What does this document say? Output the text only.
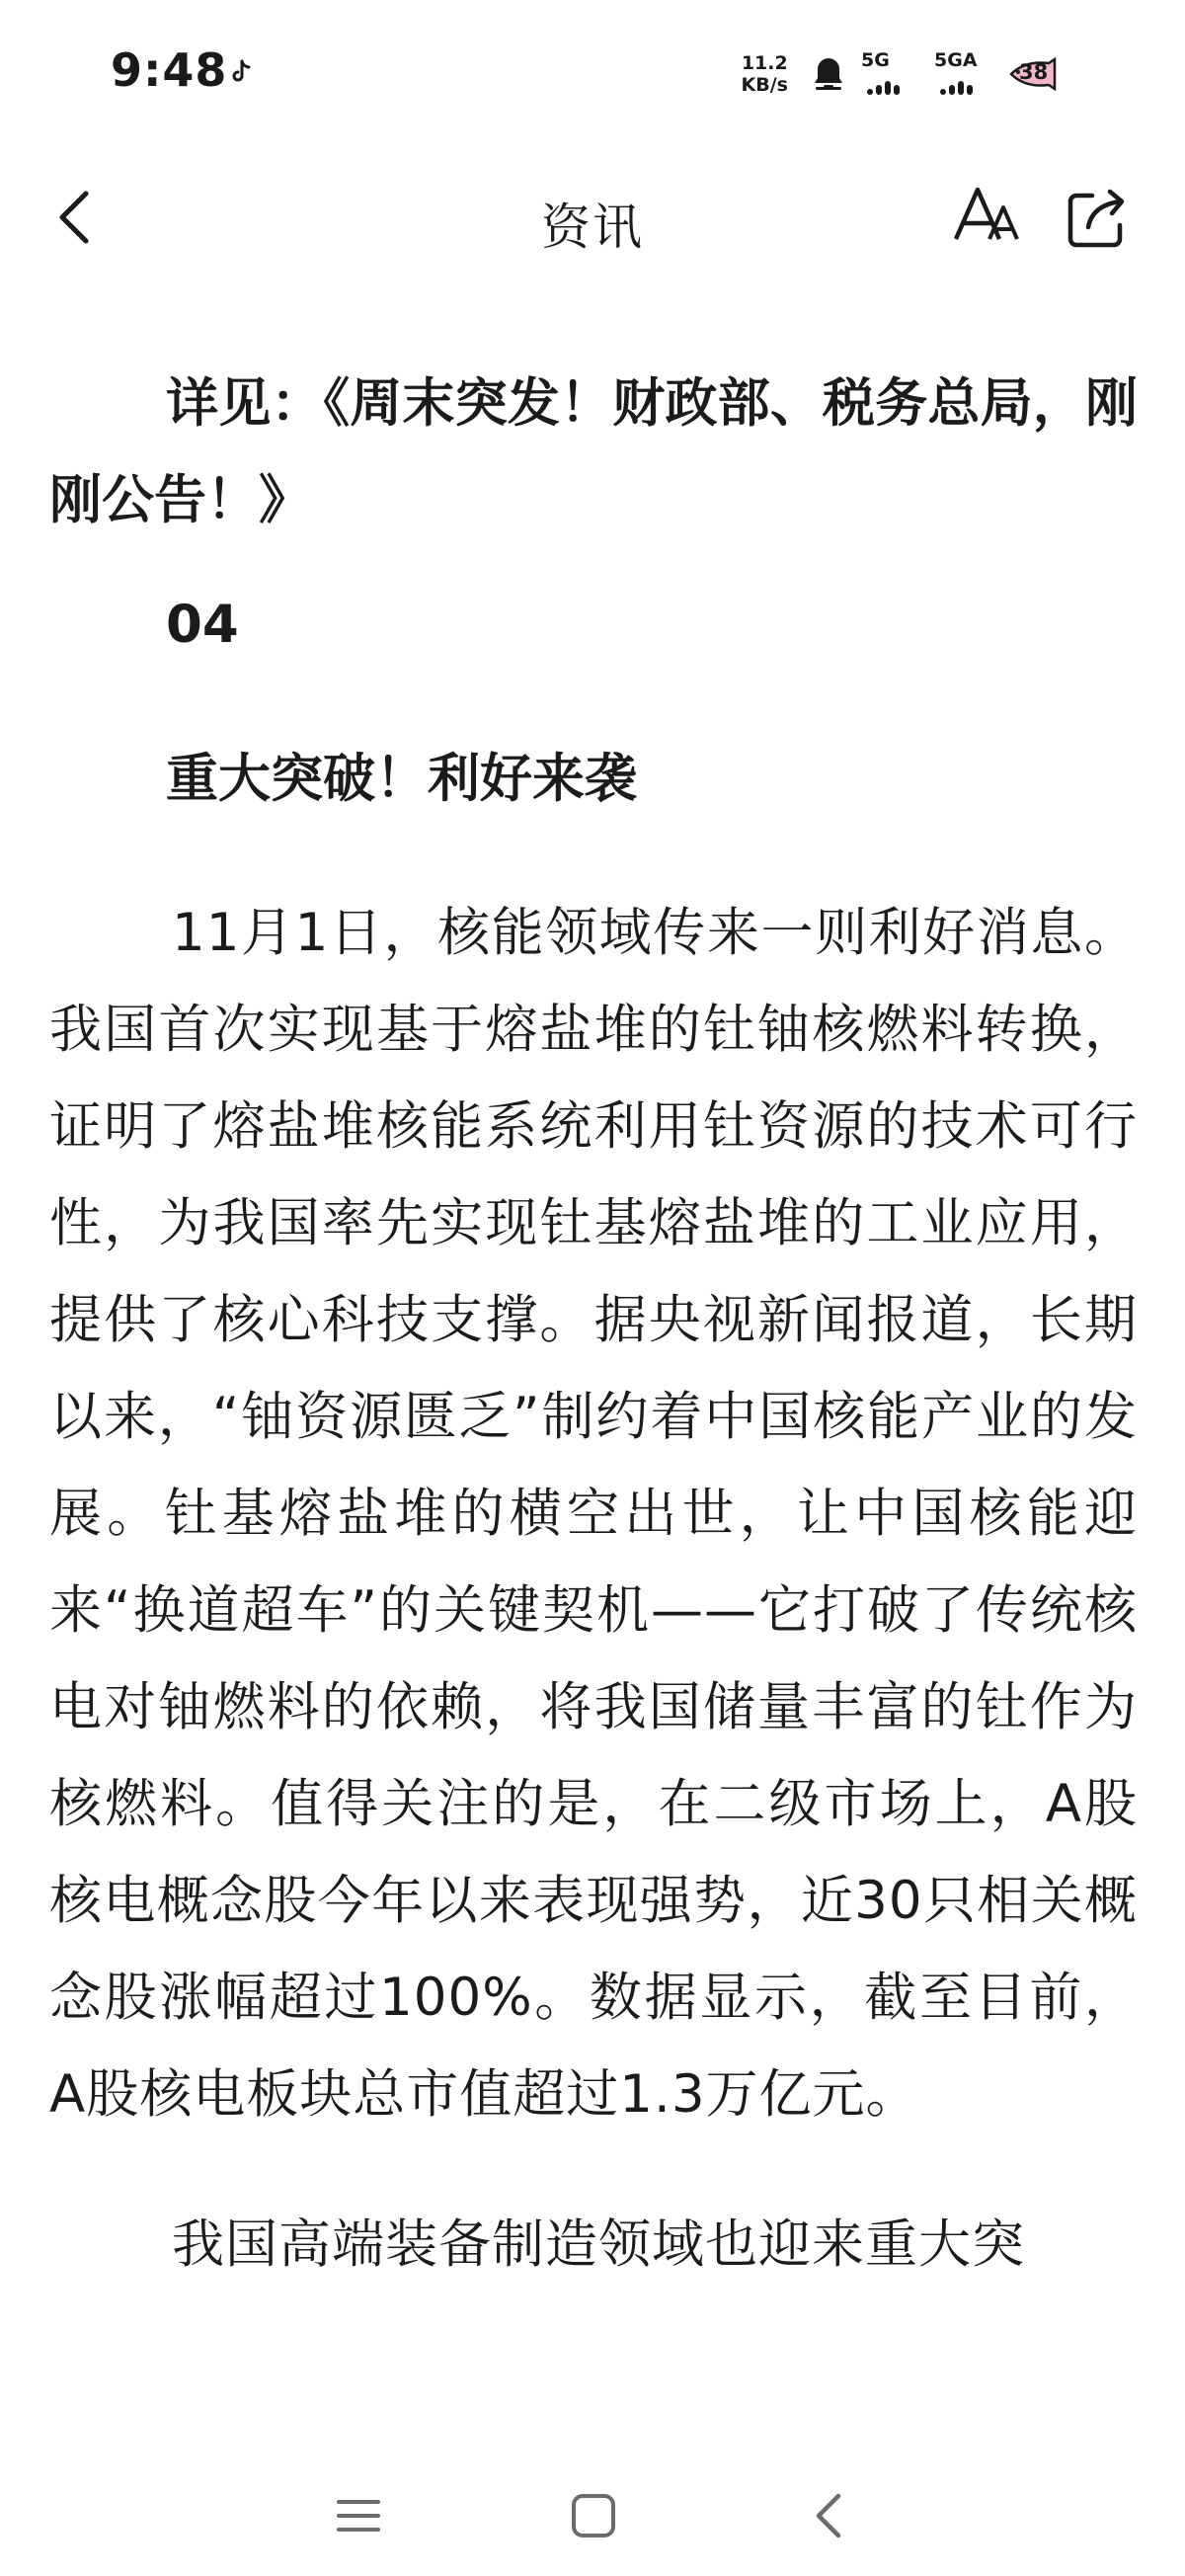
9:48	11.2
KB/s
5G 5GA 38
资讯

详见：《周末突发！财政部、税务总局，刚刚公告！》

04

重大突破！利好来袭

11月1日，核能领域传来一则利好消息。我国首次实现基于熔盐堆的钍铀核燃料转换，证明了熔盐堆核能系统利用钍资源的技术可行性，为我国率先实现钍基熔盐堆的工业应用，提供了核心科技支撑。据央视新闻报道，长期以来，“铀资源匮乏”制约着中国核能产业的发展。钍基熔盐堆的横空出世，让中国核能迎来“换道超车”的关键契机——它打破了传统核电对铀燃料的依赖，将我国储量丰富的钍作为核燃料。值得关注的是，在二级市场上，A股核电概念股今年以来表现强势，近30只相关概念股涨幅超过100%。数据显示，截至目前，A股核电板块总市值超过1.3万亿元。

我国高端装备制造领域也迎来重大突
